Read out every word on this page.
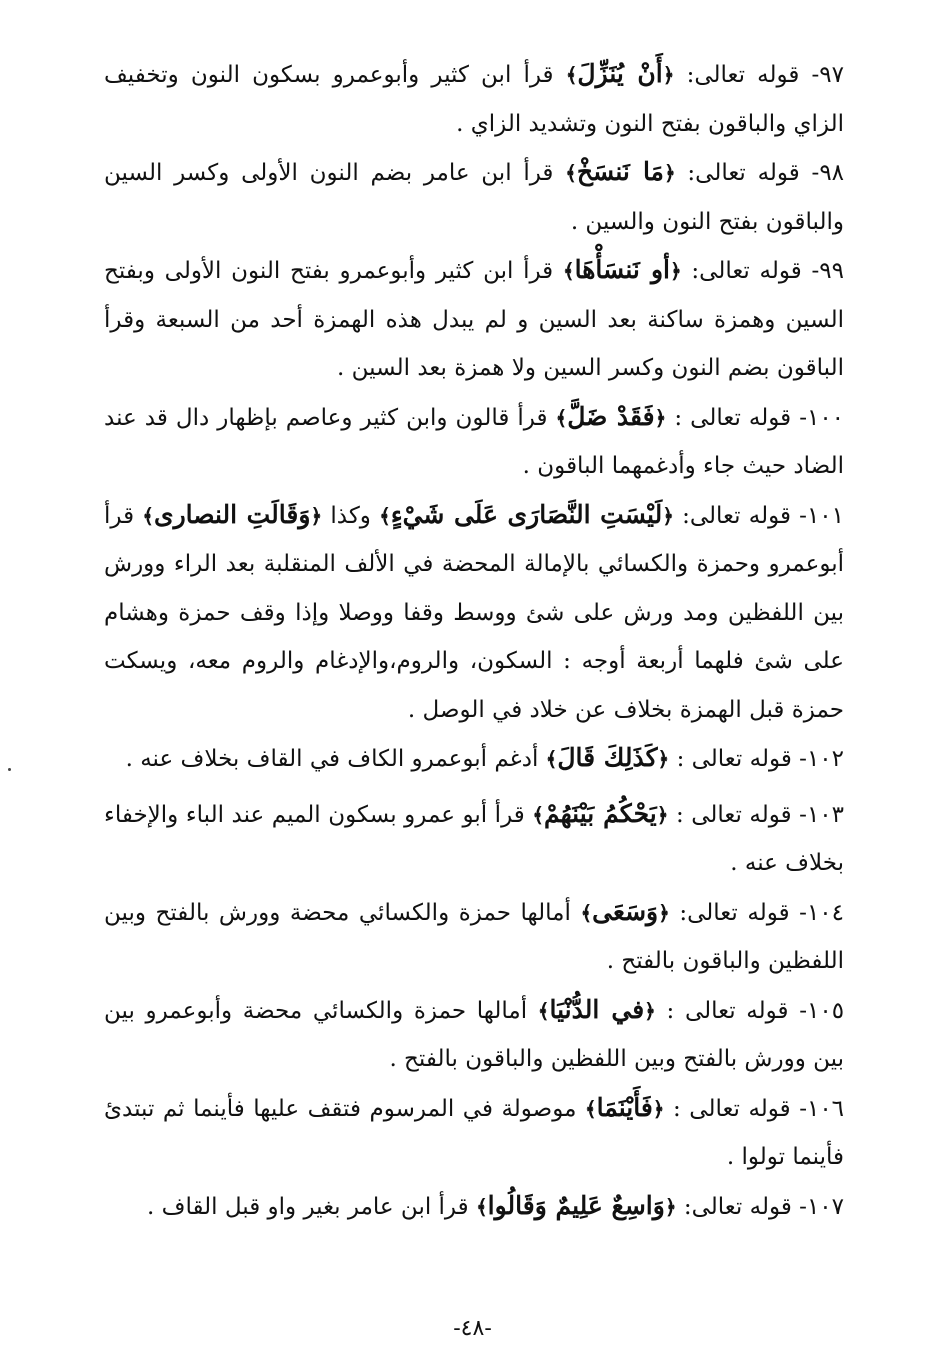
٩٧- قوله تعالى: ﴿أَنْ يُنَزِّلَ﴾ قرأ ابن كثير وأبوعمرو بسكون النون وتخفيف الزاي والباقون بفتح النون وتشديد الزاي .

٩٨- قوله تعالى: ﴿مَا نَنسَخْ﴾ قرأ ابن عامر بضم النون الأولى وكسر السين والباقون بفتح النون والسين .

٩٩- قوله تعالى: ﴿أو نَنسَأْهَا﴾ قرأ ابن كثير وأبوعمرو بفتح النون الأولى وبفتح السين وهمزة ساكنة بعد السين و لم يبدل هذه الهمزة أحد من السبعة وقرأ الباقون بضم النون وكسر السين ولا همزة بعد السين .

١٠٠- قوله تعالى : ﴿فَقَدْ ضَلَّ﴾ قرأ قالون وابن كثير وعاصم بإظهار دال قد عند الضاد حيث جاء وأدغمهما الباقون .

١٠١- قوله تعالى: ﴿لَيْسَتِ النَّصَارَى عَلَى شَيْءٍ﴾ وكذا ﴿وَقَالَتِ النصارى﴾ قرأ أبوعمرو وحمزة والكسائي بالإمالة المحضة في الألف المنقلبة بعد الراء وورش بين اللفظين ومد ورش على شئ ووسط وقفا ووصلا وإذا وقف حمزة وهشام على شئ فلهما أربعة أوجه : السكون، والروم،والإدغام والروم معه، ويسكت حمزة قبل الهمزة بخلاف عن خلاد في الوصل .

١٠٢- قوله تعالى : ﴿كَذَلِكَ قَالَ﴾ أدغم أبوعمرو الكاف في القاف بخلاف عنه .

١٠٣- قوله تعالى : ﴿يَحْكُمُ بَيْنَهُمْ﴾ قرأ أبو عمرو بسكون الميم عند الباء والإخفاء بخلاف عنه .

١٠٤- قوله تعالى: ﴿وَسَعَى﴾ أمالها حمزة والكسائي محضة وورش بالفتح وبين اللفظين والباقون بالفتح .

١٠٥- قوله تعالى : ﴿في الدُّنْيَا﴾ أمالها حمزة والكسائي محضة وأبوعمرو بين بين وورش بالفتح وبين اللفظين والباقون بالفتح .

١٠٦- قوله تعالى : ﴿فَأَيْنَمَا﴾ موصولة في المرسوم فتقف عليها فأينما ثم تبتدئ فأينما تولوا .

١٠٧- قوله تعالى: ﴿وَاسِعٌ عَلِيمٌ وَقَالُوا﴾ قرأ ابن عامر بغير واو قبل القاف .

-٤٨-
